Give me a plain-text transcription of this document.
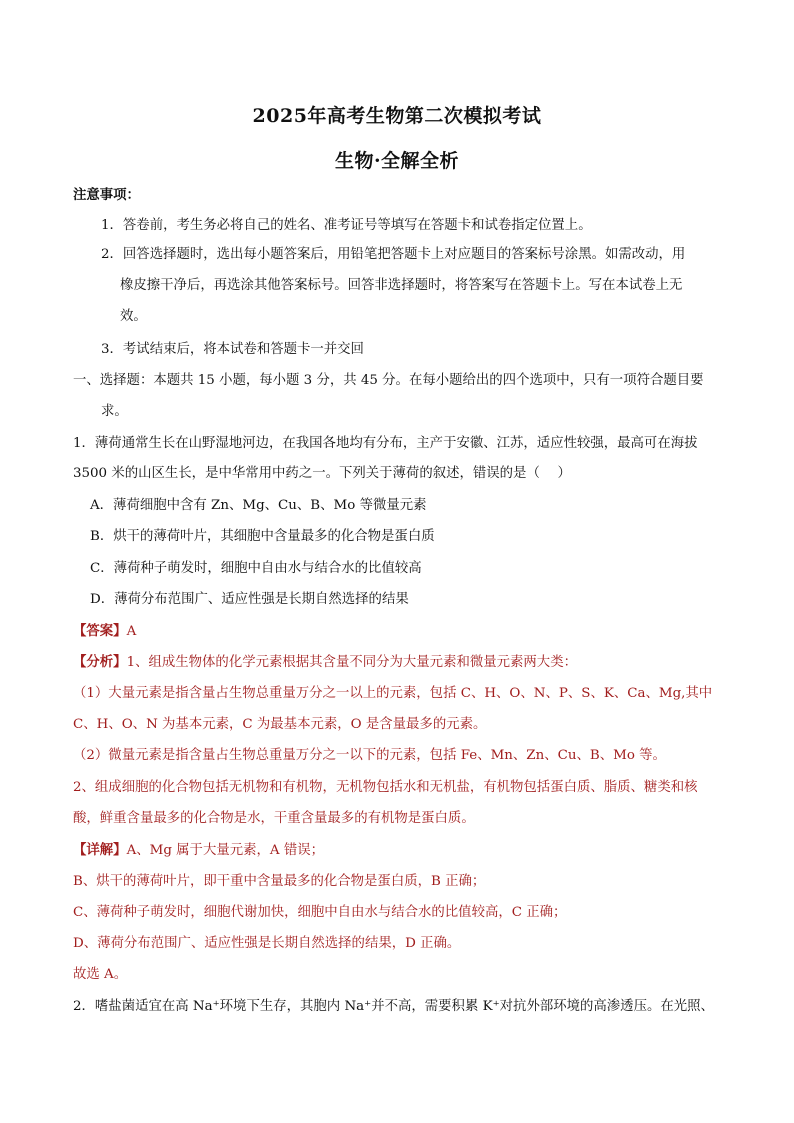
2025年高考生物第二次模拟考试
生物·全解全析
注意事项：
1．答卷前，考生务必将自己的姓名、准考证号等填写在答题卡和试卷指定位置上。
2．回答选择题时，选出每小题答案后，用铅笔把答题卡上对应题目的答案标号涂黑。如需改动，用
橡皮擦干净后，再选涂其他答案标号。回答非选择题时，将答案写在答题卡上。写在本试卷上无
效。
3．考试结束后，将本试卷和答题卡一并交回
一、选择题：本题共 15 小题，每小题 3 分，共 45 分。在每小题给出的四个选项中，只有一项符合题目要
求。
1．薄荷通常生长在山野湿地河边，在我国各地均有分布，主产于安徽、江苏，适应性较强，最高可在海拔
3500 米的山区生长，是中华常用中药之一。下列关于薄荷的叙述，错误的是（　 ）
A．薄荷细胞中含有 Zn、Mg、Cu、B、Mo 等微量元素
B．烘干的薄荷叶片，其细胞中含量最多的化合物是蛋白质
C．薄荷种子萌发时，细胞中自由水与结合水的比值较高
D．薄荷分布范围广、适应性强是长期自然选择的结果
【答案】A
【分析】1、组成生物体的化学元素根据其含量不同分为大量元素和微量元素两大类：
（1）大量元素是指含量占生物总重量万分之一以上的元素，包括 C、H、O、N、P、S、K、Ca、Mg,其中
C、H、O、N 为基本元素，C 为最基本元素，O 是含量最多的元素。
（2）微量元素是指含量占生物总重量万分之一以下的元素，包括 Fe、Mn、Zn、Cu、B、Mo 等。
2、组成细胞的化合物包括无机物和有机物，无机物包括水和无机盐，有机物包括蛋白质、脂质、糖类和核
酸，鲜重含量最多的化合物是水，干重含量最多的有机物是蛋白质。
【详解】A、Mg 属于大量元素，A 错误；
B、烘干的薄荷叶片，即干重中含量最多的化合物是蛋白质，B 正确；
C、薄荷种子萌发时，细胞代谢加快，细胞中自由水与结合水的比值较高，C 正确；
D、薄荷分布范围广、适应性强是长期自然选择的结果，D 正确。
故选 A。
2．嗜盐菌适宜在高 Na⁺环境下生存，其胞内 Na⁺并不高，需要积累 K⁺对抗外部环境的高渗透压。在光照、
